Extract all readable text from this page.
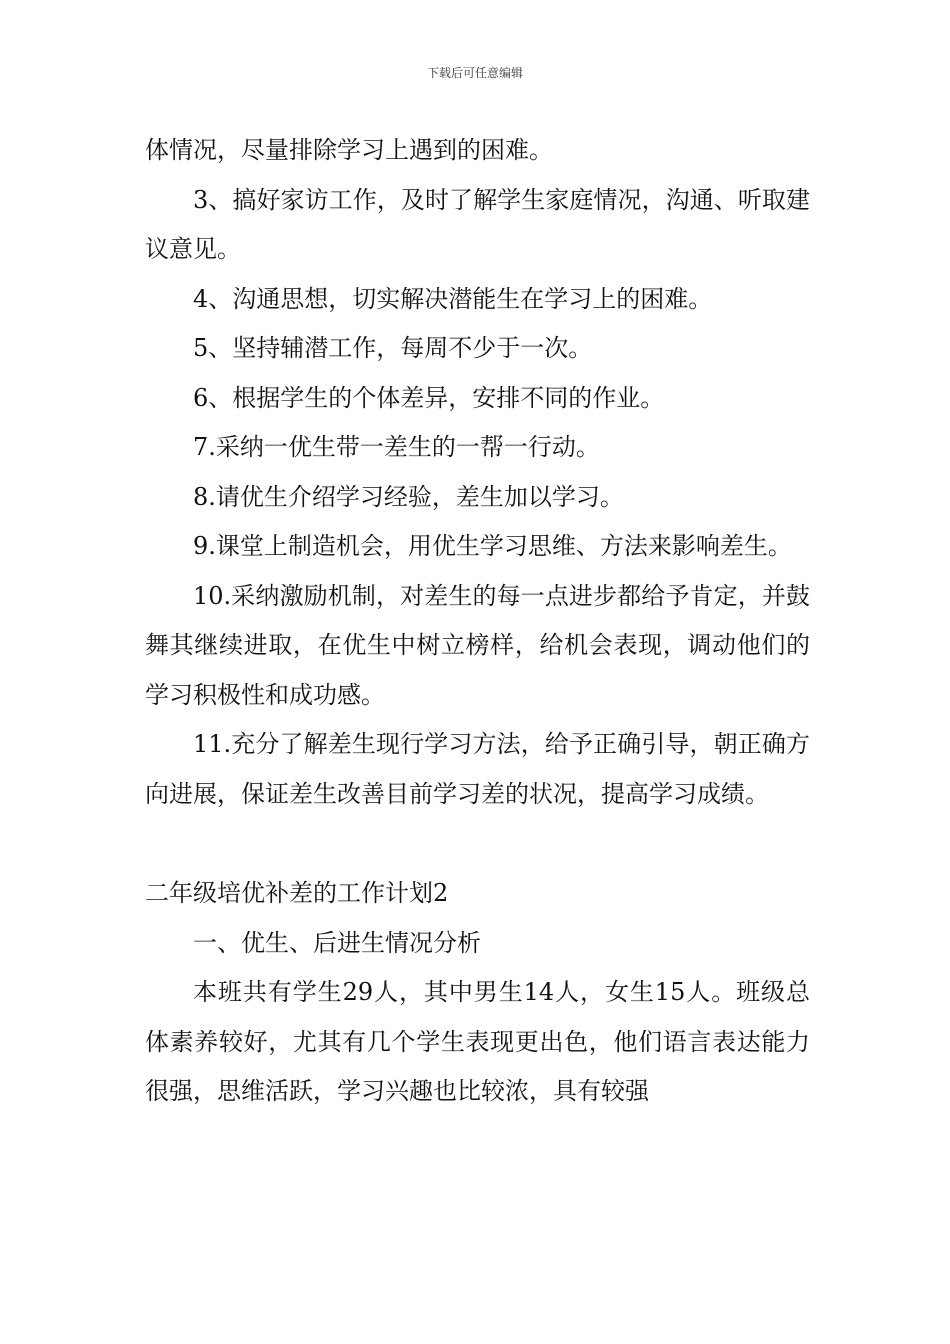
下载后可任意编辑

体情况，尽量排除学习上遇到的困难。

3、搞好家访工作，及时了解学生家庭情况，沟通、听取建议意见。

4、沟通思想，切实解决潜能生在学习上的困难。

5、坚持辅潜工作，每周不少于一次。

6、根据学生的个体差异，安排不同的作业。

7.采纳一优生带一差生的一帮一行动。

8.请优生介绍学习经验，差生加以学习。

9.课堂上制造机会，用优生学习思维、方法来影响差生。

10.采纳激励机制，对差生的每一点进步都给予肯定，并鼓舞其继续进取，在优生中树立榜样，给机会表现，调动他们的学习积极性和成功感。

11.充分了解差生现行学习方法，给予正确引导，朝正确方向进展，保证差生改善目前学习差的状况，提高学习成绩。

二年级培优补差的工作计划2

一、优生、后进生情况分析

本班共有学生29人，其中男生14人，女生15人。班级总体素养较好，尤其有几个学生表现更出色，他们语言表达能力很强，思维活跃，学习兴趣也比较浓，具有较强
